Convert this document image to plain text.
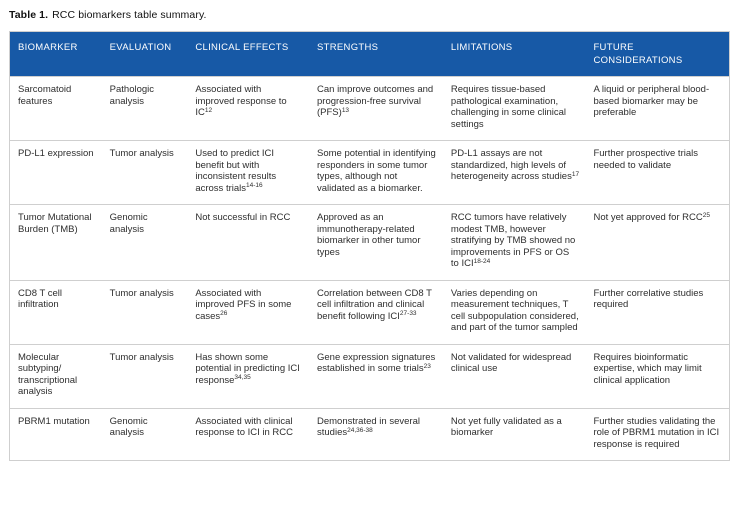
Table 1. RCC biomarkers table summary.

BIOMARKER	EVALUATION	CLINICAL EFFECTS	STRENGTHS	LIMITATIONS	FUTURE CONSIDERATIONS
Sarcomatoid features	Pathologic analysis	Associated with improved response to IC$^{12}$	Can improve outcomes and progression-free survival (PFS)$^{13}$	Requires tissue-based pathological examination, challenging in some clinical settings	A liquid or peripheral blood-based biomarker may be preferable
PD-L1 expression	Tumor analysis	Used to predict ICI benefit but with inconsistent results across trials$^{14-16}$	Some potential in identifying responders in some tumor types, although not validated as a biomarker.	PD-L1 assays are not standardized, high levels of heterogeneity across studies$^{17}$	Further prospective trials needed to validate
Tumor Mutational Burden (TMB)	Genomic analysis	Not successful in RCC	Approved as an immunotherapy-related biomarker in other tumor types	RCC tumors have relatively modest TMB, however stratifying by TMB showed no improvements in PFS or OS to ICI$^{18-24}$	Not yet approved for RCC$^{25}$
CD8 T cell infiltration	Tumor analysis	Associated with improved PFS in some cases$^{26}$	Correlation between CD8 T cell infiltration and clinical benefit following ICI$^{27-33}$	Varies depending on measurement techniques, T cell subpopulation considered, and part of the tumor sampled	Further correlative studies required
Molecular subtyping/ transcriptional analysis	Tumor analysis	Has shown some potential in predicting ICI response$^{34,35}$	Gene expression signatures established in some trials$^{23}$	Not validated for widespread clinical use	Requires bioinformatic expertise, which may limit clinical application
PBRM1 mutation	Genomic analysis	Associated with clinical response to ICI in RCC	Demonstrated in several studies$^{24,36-38}$	Not yet fully validated as a biomarker	Further studies validating the role of PBRM1 mutation in ICI response is required
